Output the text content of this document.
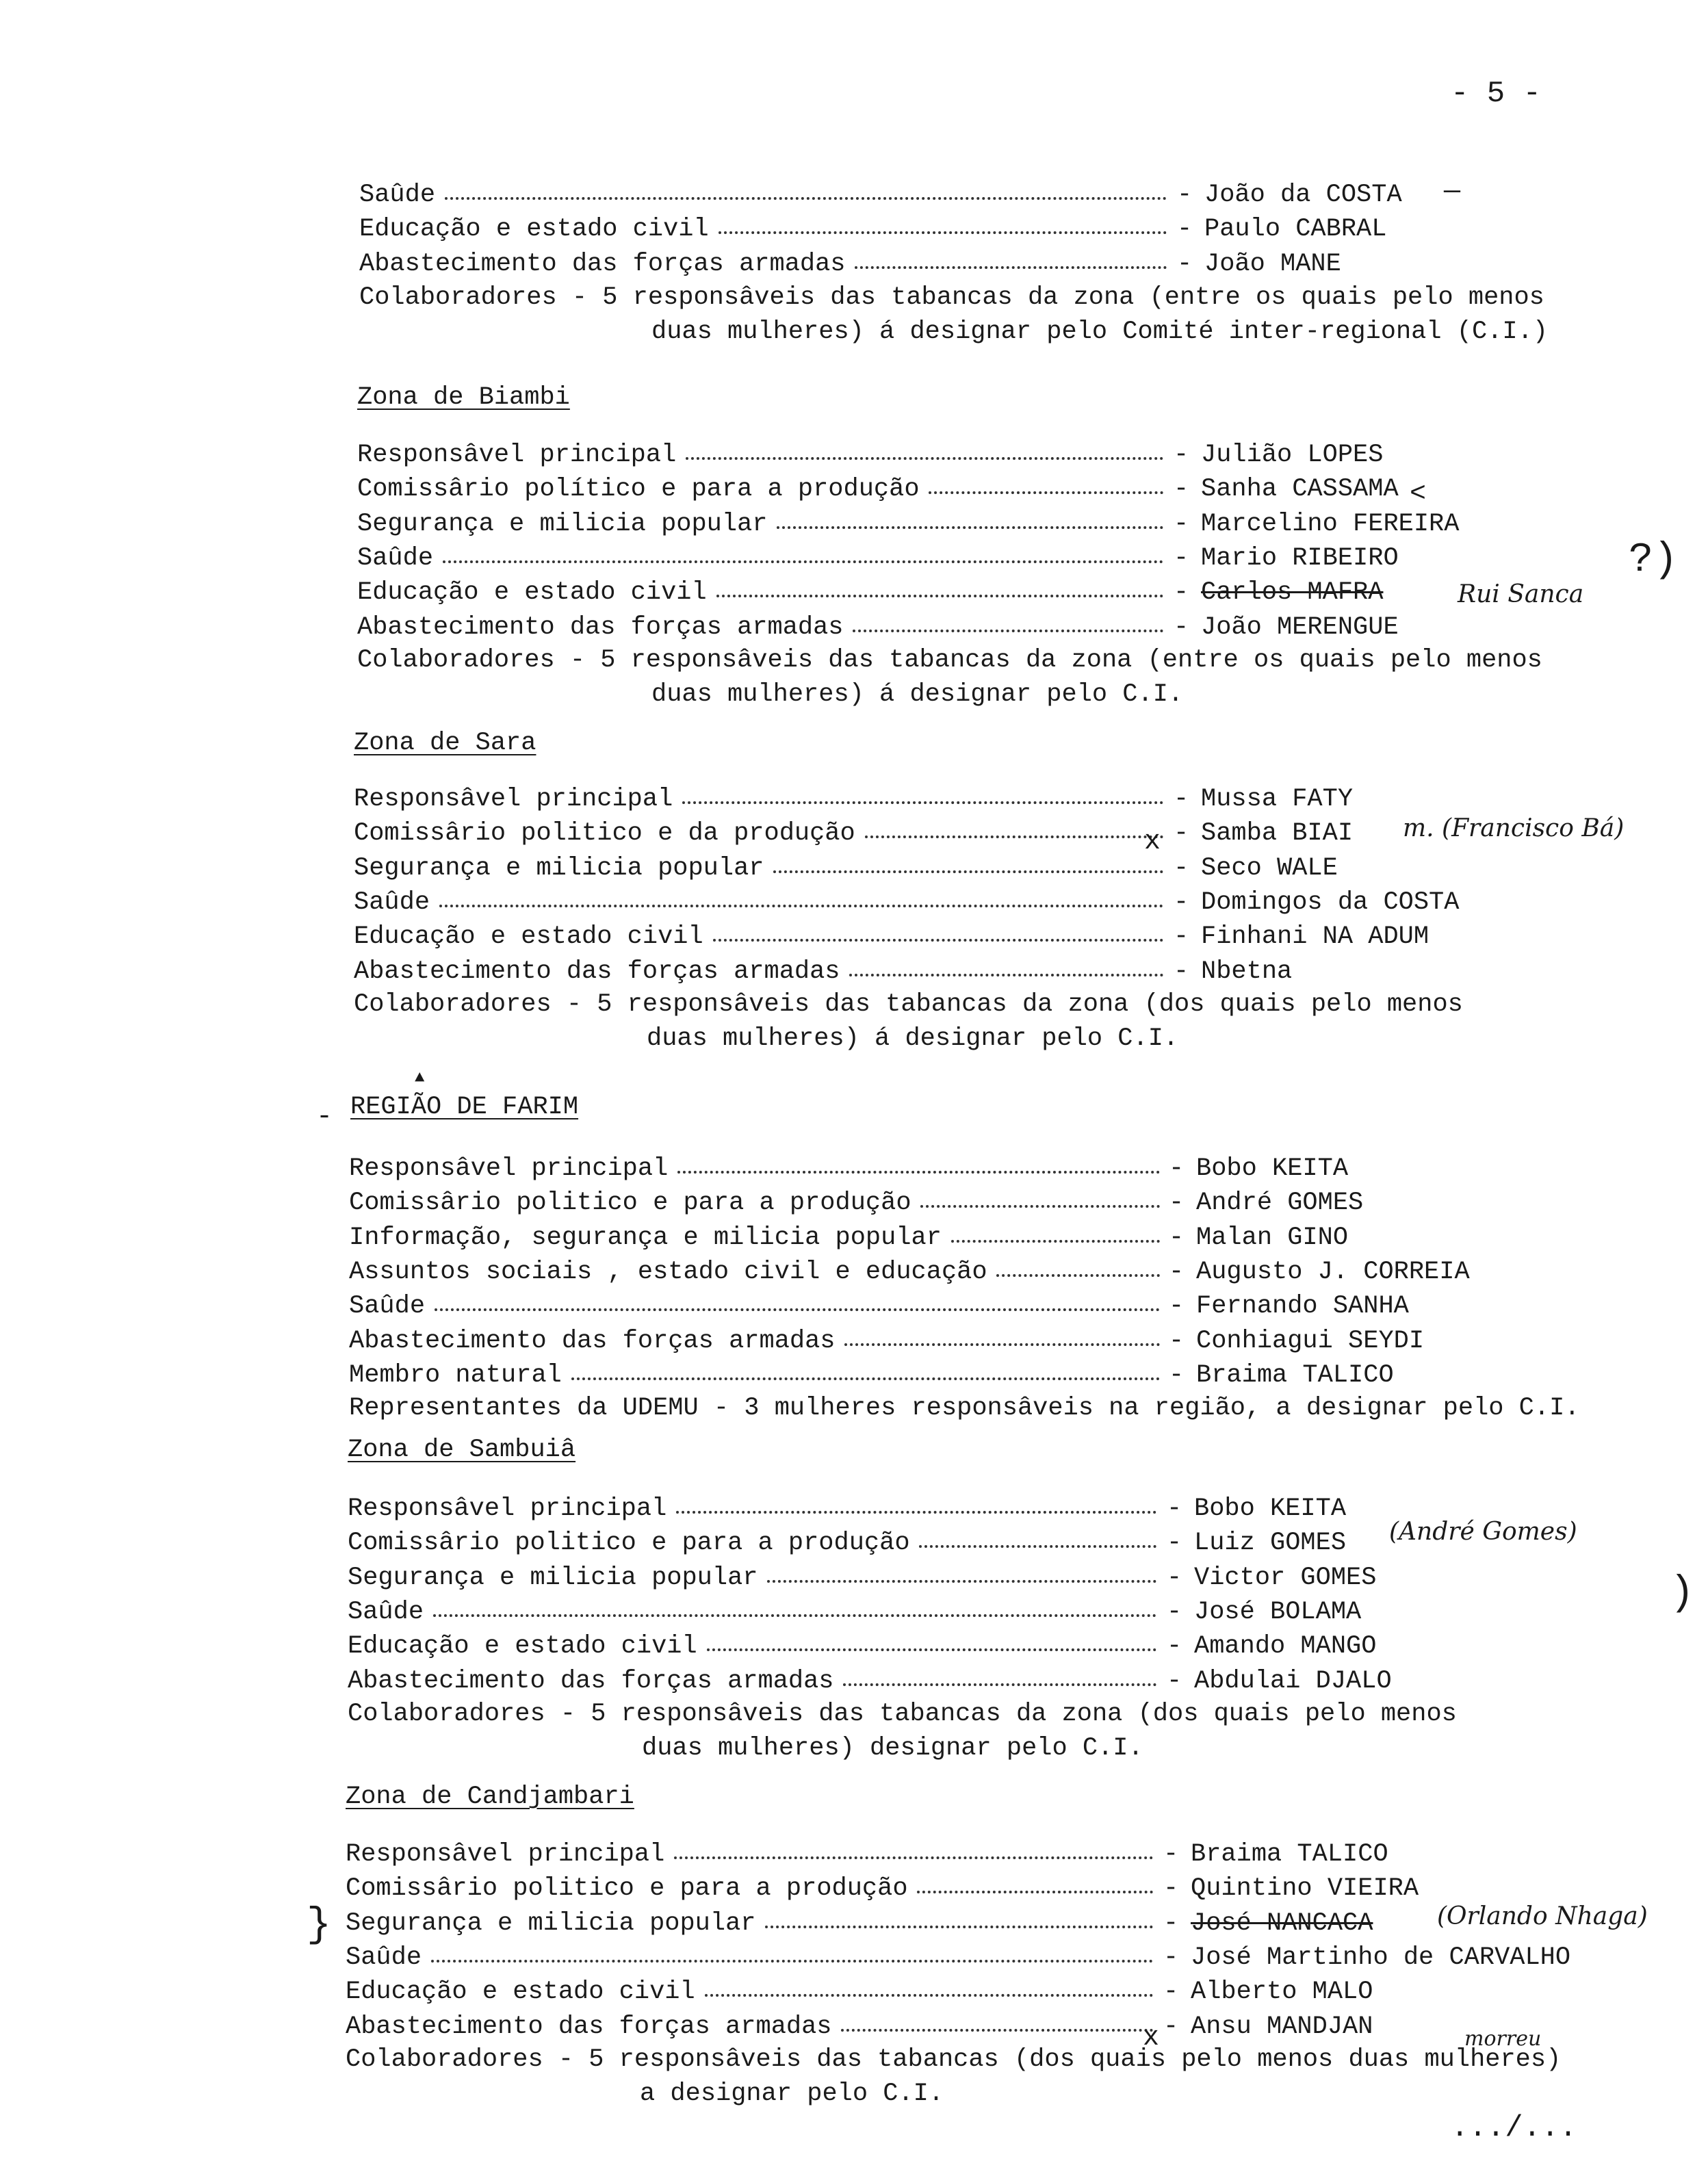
- 5 -
Saûde	- João da COSTA
Educação e estado civil	- Paulo CABRAL
Abastecimento das forças armadas	- João MANE
Colaboradores - 5 responsâveis das tabancas da zona (entre os quais pelo menos
duas mulheres) á designar pelo Comité inter-regional (C.I.)
Zona de Biambi
Responsâvel principal	- Julião LOPES
Comissârio político e para a produção	- Sanha CASSAMA
Segurança e milicia popular	- Marcelino FEREIRA
Saûde	- Mario RIBEIRO
Educação e estado civil	- Carlos MAFRA
Abastecimento das forças armadas	- João MERENGUE
Colaboradores - 5 responsâveis das tabancas da zona (entre os quais pelo menos
duas mulheres) á designar pelo C.I.
Zona de Sara
Responsâvel principal	- Mussa FATY
Comissârio politico e da produção	- Samba BIAI
Segurança e milicia popular	- Seco WALE
Saûde	- Domingos da COSTA
Educação e estado civil	- Finhani NA ADUM
Abastecimento das forças armadas	- Nbetna
Colaboradores - 5 responsâveis das tabancas da zona (dos quais pelo menos
duas mulheres) á designar pelo C.I.
REGIÃO DE FARIM
Responsâvel principal	- Bobo KEITA
Comissârio politico e para a produção	- André GOMES
Informação, segurança e milicia popular	- Malan GINO
Assuntos sociais , estado civil e educação	- Augusto J. CORREIA
Saûde	- Fernando SANHA
Abastecimento das forças armadas	- Conhiagui SEYDI
Membro natural	- Braima TALICO
Representantes da UDEMU - 3 mulheres responsâveis na região, a designar pelo C.I.
Zona de Sambuiâ
Responsâvel principal	- Bobo KEITA
Comissârio politico e para a produção	- Luiz GOMES
Segurança e milicia popular	- Victor GOMES
Saûde	- José BOLAMA
Educação e estado civil	- Amando MANGO
Abastecimento das forças armadas	- Abdulai DJALO
Colaboradores - 5 responsâveis das tabancas da zona (dos quais pelo menos
duas mulheres) designar pelo C.I.
Zona de Candjambari
Responsâvel principal	- Braima TALICO
Comissârio politico e para a produção	- Quintino VIEIRA
Segurança e milicia popular	- José NANCACA
Saûde	- José Martinho de CARVALHO
Educação e estado civil	- Alberto MALO
Abastecimento das forças armadas	- Ansu MANDJAN
Colaboradores - 5 responsâveis das tabancas (dos quais pelo menos duas mulheres)
a designar pelo C.I.
Rui Sanca
m. (Francisco Bá)
(André Gomes)
(Orlando Nhaga)
morreu
—
<
x
x
)
}
?)
-
▲
.../...
